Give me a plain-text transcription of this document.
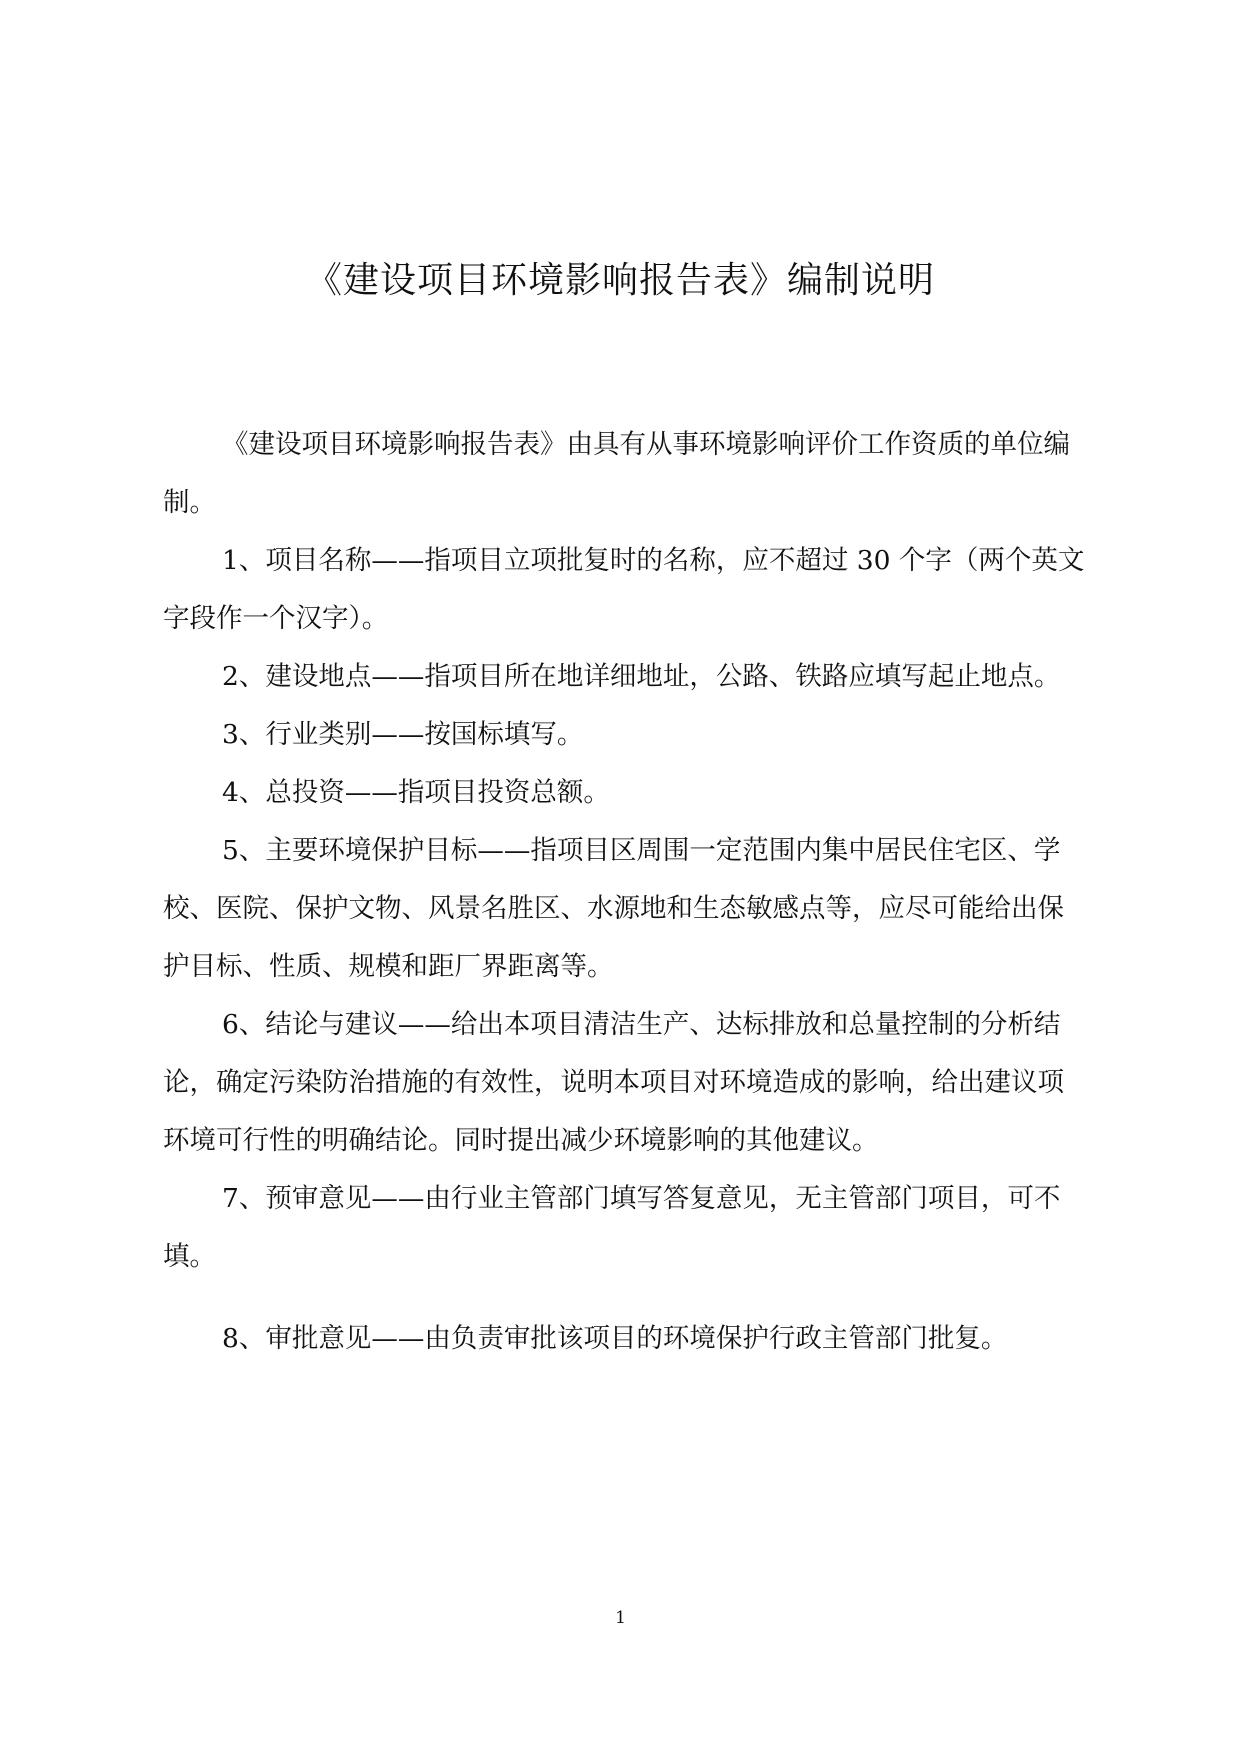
《建设项目环境影响报告表》编制说明

《建设项目环境影响报告表》由具有从事环境影响评价工作资质的单位编制。

1、项目名称——指项目立项批复时的名称，应不超过 30 个字（两个英文字段作一个汉字）。

2、建设地点——指项目所在地详细地址，公路、铁路应填写起止地点。

3、行业类别——按国标填写。

4、总投资——指项目投资总额。

5、主要环境保护目标——指项目区周围一定范围内集中居民住宅区、学校、医院、保护文物、风景名胜区、水源地和生态敏感点等，应尽可能给出保护目标、性质、规模和距厂界距离等。

6、结论与建议——给出本项目清洁生产、达标排放和总量控制的分析结论，确定污染防治措施的有效性，说明本项目对环境造成的影响，给出建议项环境可行性的明确结论。同时提出减少环境影响的其他建议。

7、预审意见——由行业主管部门填写答复意见，无主管部门项目，可不填。

8、审批意见——由负责审批该项目的环境保护行政主管部门批复。

1
